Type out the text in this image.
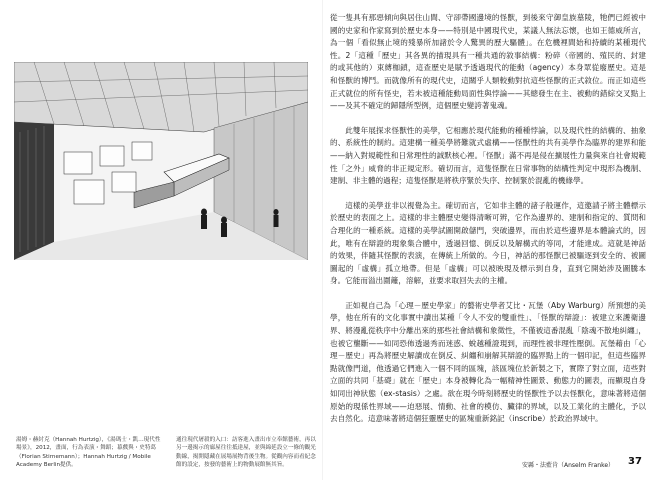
湯姆・赫紂克（Hannah Hurtzig），《湯瑪士・凱…現代性場景》，2012，畫面，行為表演・舞蹈；幕戲與・史特葛（Florian Stirnemann）；Hannah Hurtzig / Mobile Academy Berlin提供。
通往現代屠殺的入口：訪客進入畫出市立奉館藝術，再以另一邊揭示的廊屋往往抵達屋，並與綿延設立一條的觀光動線，揭開隱藏在展場展物背後生物。從觀內容而看紀念館的設定，按發的藝術上的物動展館無其旨。

從一隻具有那惡傾向與居住山間、守卻帶國邊境的怪獸，到後來守御皇族墓陵，牠們已經被中國的史家和作家寫到於歷史本身——特別是中國現代史，某議人無法忘懷，也如王德威所言，為一個「看似無止境的殘暴所加諸於令人驚異的歷大驅體」。在危機裡間始和持續的某種現代性。2「這種「歷史」其各異的描現具有一種共通的敘事結構：粉碎（帝國的、殖民的、封建的或其他的）束縛枷鎖，這查歷史是賦予透過現代的能動（agency）本身眾從廢歷史。這是和怪獸的博鬥。而就像所有的現代史，這關乎人類較動對抗這些怪獸的正式敘位。而正如這些正式就位的所有怪史，若未被這種能動局面性與悖論——其總發生在主、被動的錯綜交叉點上——及其不確定的歸隱所型例，這個歷史變誇著鬼魂。

此雙年展探求怪獸性的美學，它相應於現代能動的種種悖論，以及現代性的結構的、抽象的、系統性的制約。這建構一種美學將難就式虛構——怪獸性的共有美學作為臨界的建界和能——納入對規範性和日常理性的誠默核心裡。「怪獸」滿不再是侵在擴展性力量與來自社會規範性「之外」威脅的非正規定形。確切而言，這隻怪獸在日常事物的結構性判定中現形為機制、建制、非主體的過程；這隻怪獸是將秩序緊於失序、控制緊於混亂的機緣學。

這樣的美學並非以視覺為主。確切而言，它如非主體的諸子般運作，這邀請子將主體標示於歷史的表面之上。這樣的非主體歷史變得清晰可辨，它作為邊界的、建制和指定的、質問和合理化的一種系統。這樣的美學試圖開啟儲門，突破邊界，而由於這些邊界是本體論式的，因此，唯有在辯證的現象集合體中，透過回憶、倒反以及解構式的等同，才能達成。這就是神話的效果，伴隨其怪獸的表演，在傳統上所做的。今日，神話的那怪獸已被驅逐到安全的、被圖圖起的「虛構」孤立地帶。但是「虛構」可以被映現及標示到自身，直到它開始涉及圖騰本身。它能而溢出圍籬，溶解，並要求取回失去的主權。

正如視自己為「心理－歷史學家」的藝術史學者艾比・瓦堡（Aby Warburg）所預想的美學，他在所有的文化事實中讀出某種「令人不安的雙重性」、「怪獸的辯證」：被建立來護衛邊界、將漫亂從秩序中分離出來的那些社會結構和象徵性，不僅被這番混亂「陰魂不散地糾纏」，也被它壟斷——如同恐佈透過秀而迷惑、蛻越種證現到，而理性被非理性壓倒。瓦堡藉由「心理－歷史」再為將歷史解讀成在倒反、糾纏和崩解其辯證的臨界點上的一個印記，但這些臨界點就像門道，他透過它們進入一個不同的區塊，該區塊位於新製之下，實際了對立面，這些對立面的共同「基礎」就在「歷史」本身被轉化為一幅精神性圖景、動態力的圖表，而顯現自身如同出神狀態（ex-stasis）之處。欲在現今時刻將歷史的怪獸性予以去怪獸化，意味著將這個原始的現係性界域——迫惡展、情動、社會的模仿、臟律的界域，以及工業化的主體化，予以去自然化。這意味著將這個狂靈歷史的區塊重新銘記（inscribe）於政治界域中。

安縣・法藍肯（Anselm Franke） 37
